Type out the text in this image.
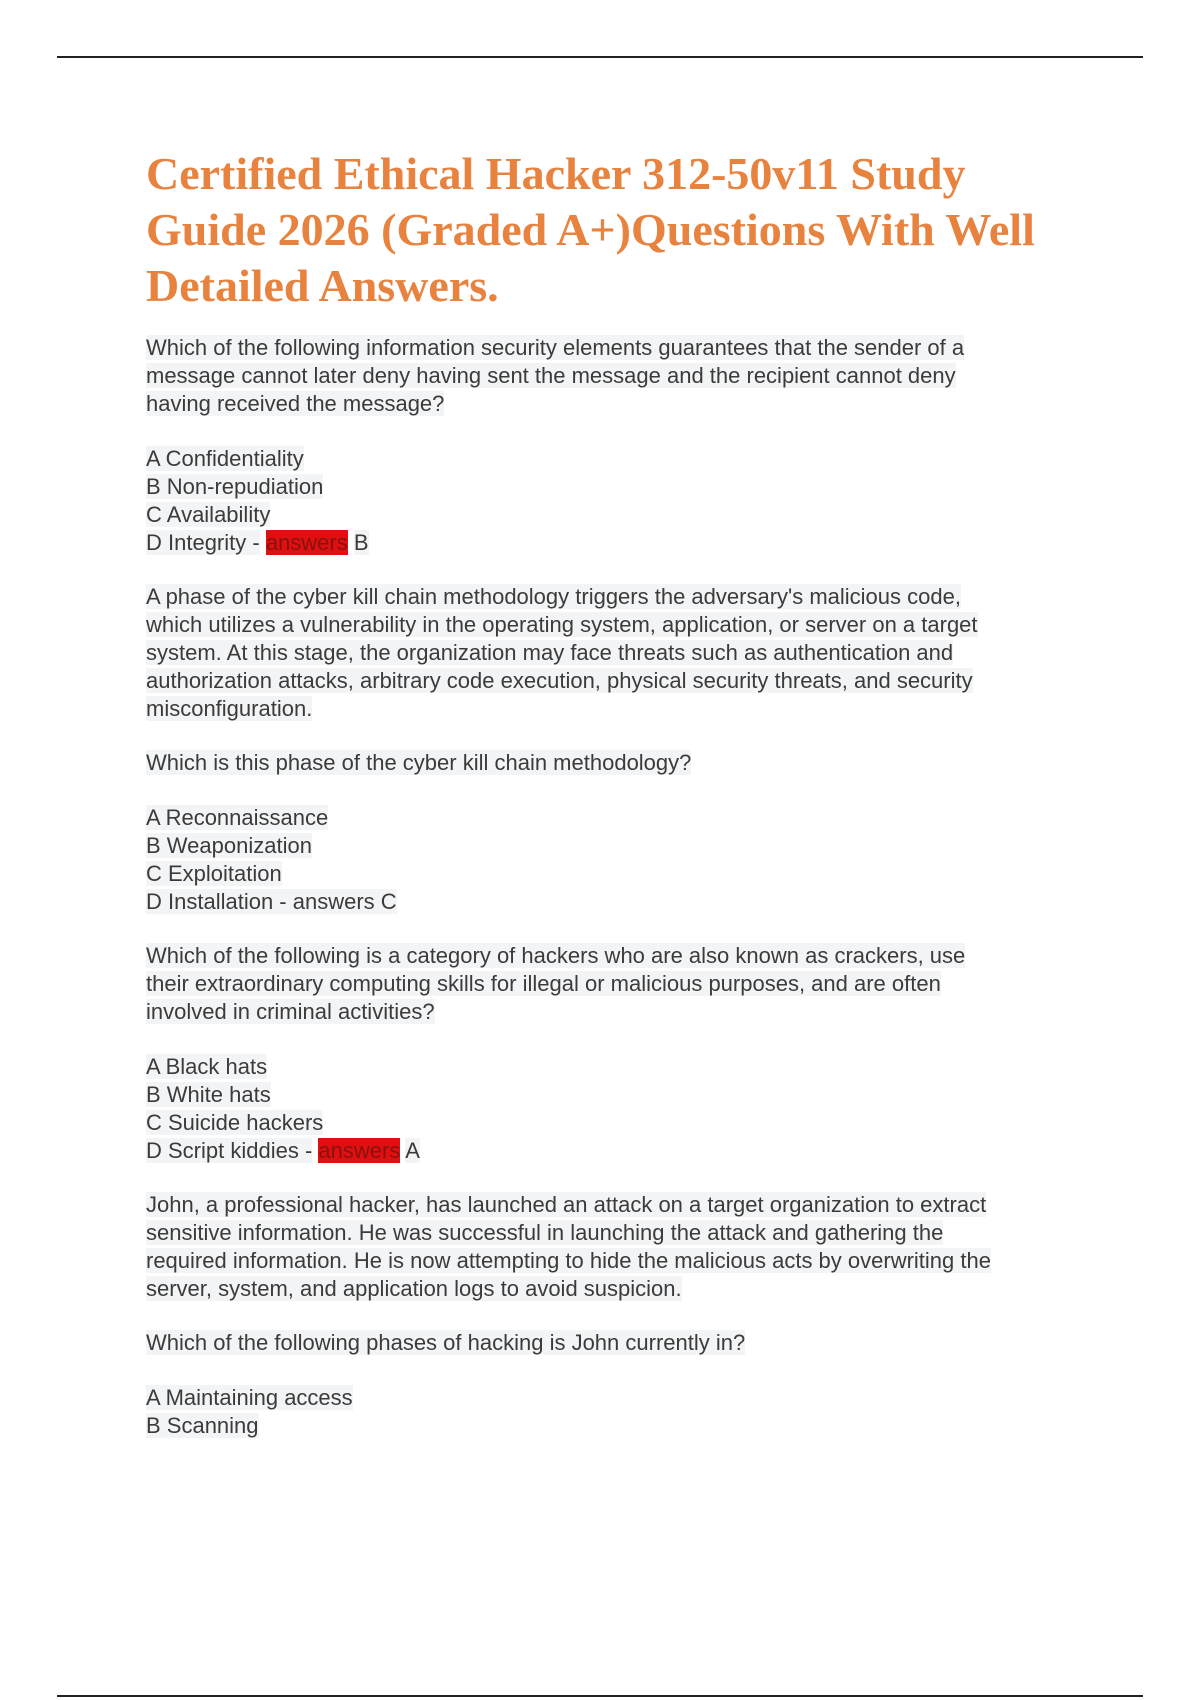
Certified Ethical Hacker 312-50v11 Study
Guide 2026 (Graded A+)Questions With Well
Detailed Answers.
Which of the following information security elements guarantees that the sender of a
message cannot later deny having sent the message and the recipient cannot deny
having received the message?
A Confidentiality
B Non-repudiation
C Availability
D Integrity - answers B
A phase of the cyber kill chain methodology triggers the adversary's malicious code,
which utilizes a vulnerability in the operating system, application, or server on a target
system. At this stage, the organization may face threats such as authentication and
authorization attacks, arbitrary code execution, physical security threats, and security
misconfiguration.
Which is this phase of the cyber kill chain methodology?
A Reconnaissance
B Weaponization
C Exploitation
D Installation - answers C
Which of the following is a category of hackers who are also known as crackers, use
their extraordinary computing skills for illegal or malicious purposes, and are often
involved in criminal activities?
A Black hats
B White hats
C Suicide hackers
D Script kiddies - answers A
John, a professional hacker, has launched an attack on a target organization to extract
sensitive information. He was successful in launching the attack and gathering the
required information. He is now attempting to hide the malicious acts by overwriting the
server, system, and application logs to avoid suspicion.
Which of the following phases of hacking is John currently in?
A Maintaining access
B Scanning
